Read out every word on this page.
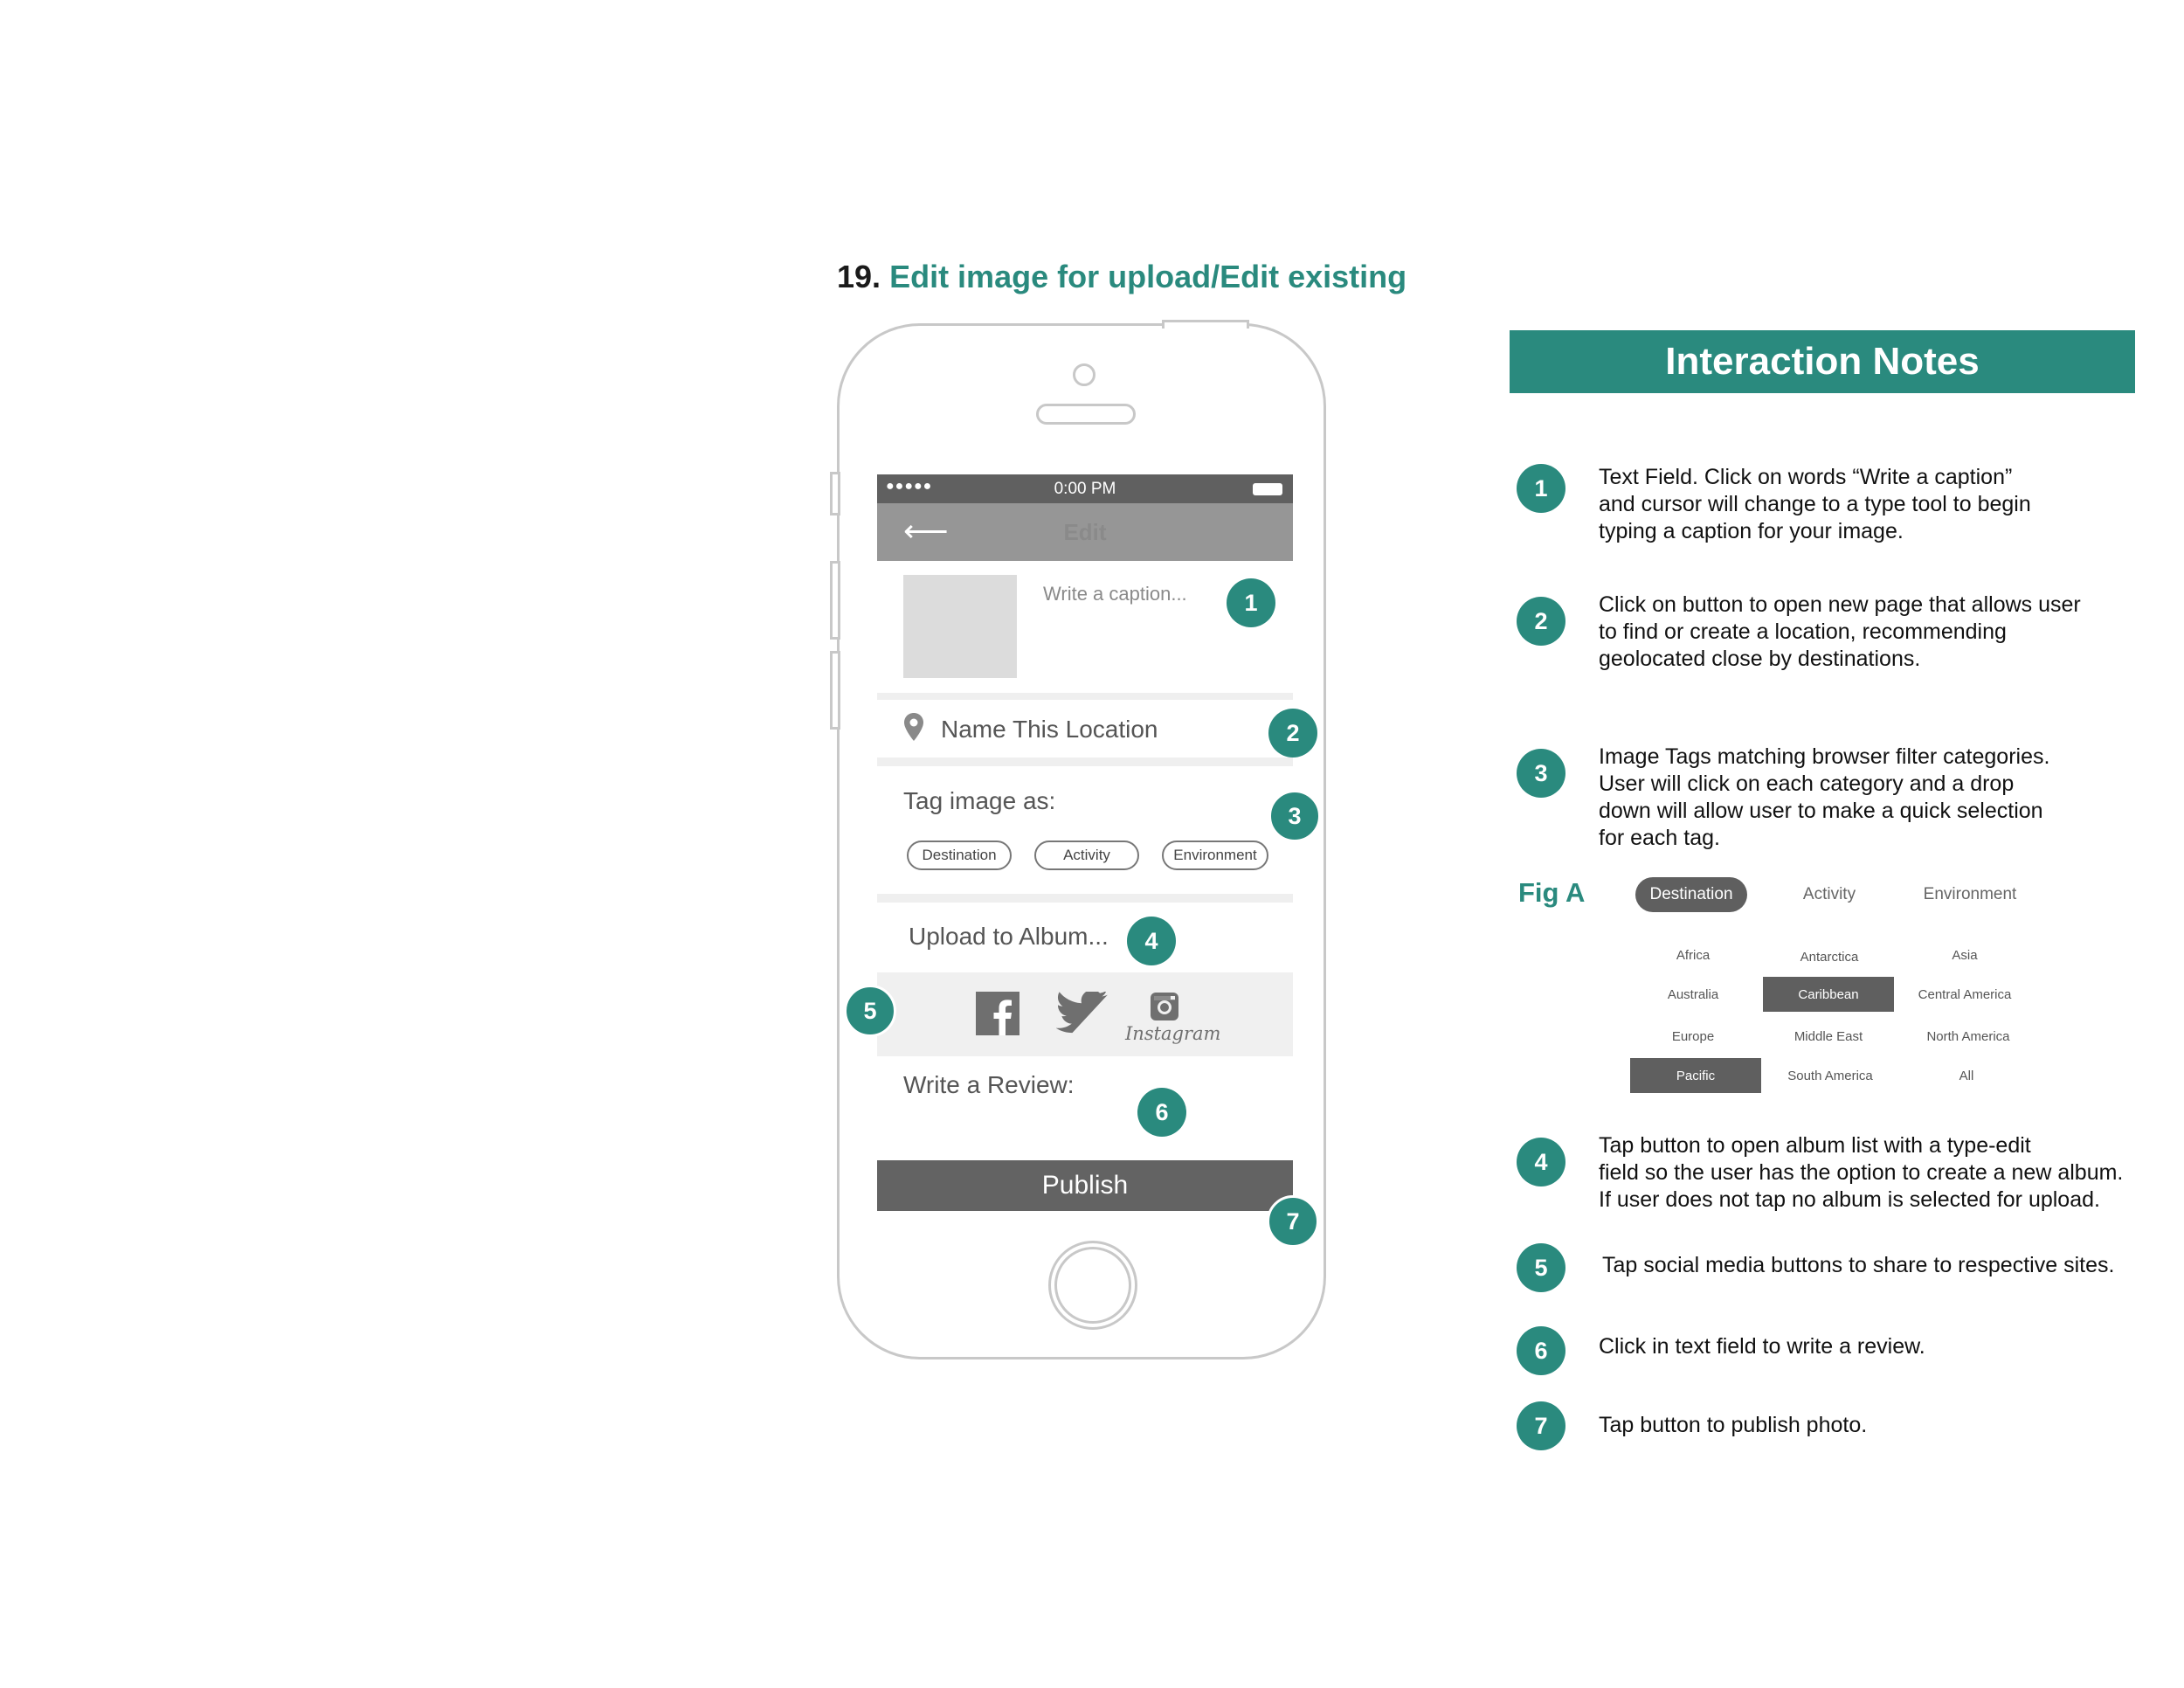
19. Edit image for upload/Edit existing
●●●●●	0:00 PM
⟵	Edit
Write a caption...
Name This Location
Tag image as:
Destination	Activity	Environment
Upload to Album...
Instagram
Write a Review:
Publish
1
2
3
4
5
6
7
Interaction Notes
1	Text Field. Click on words “Write a caption”
and cursor will change to a type tool to begin
typing a caption for your image.
2
Click on button to open new page that allows user
to find or create a location, recommending
geolocated close by destinations.
3
Image Tags matching browser filter categories.
User will click on each category and a drop
down will allow user to make a quick selection
for each tag.
Fig A	Destination	Activity	Environment
Africa	Antarctica	Asia
Australia	Caribbean	Central America
Europe	Middle East	North America
Pacific	South America	All
4
Tap button to open album list with a type-edit
field so the user has the option to create a new album.
If user does not tap no album is selected for upload.
5	Tap social media buttons to share to respective sites.
6	Click in text field to write a review.
7	Tap button to publish photo.
